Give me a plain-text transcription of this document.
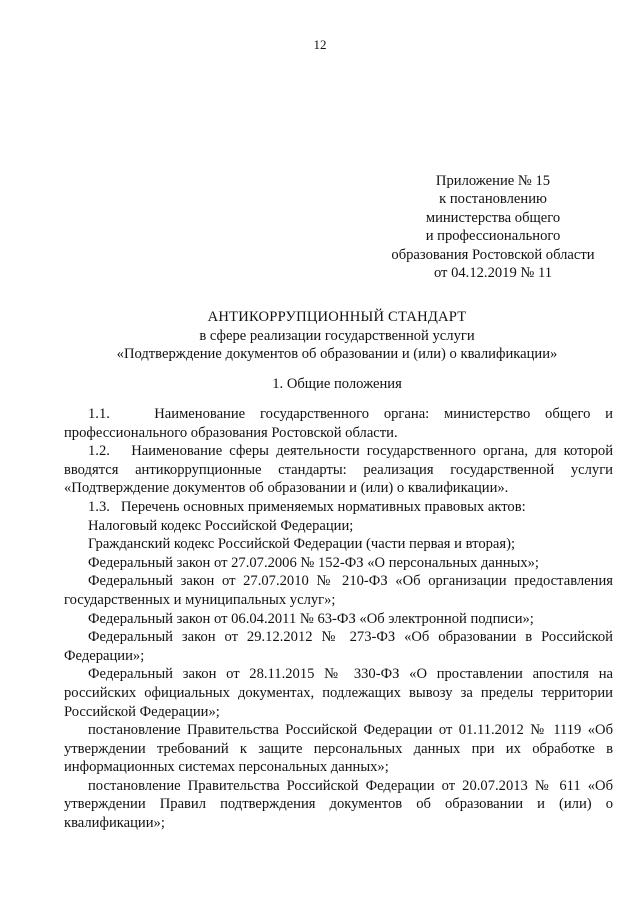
12
Приложение № 15
к постановлению
министерства общего
и профессионального
образования Ростовской области
от 04.12.2019 № 11
АНТИКОРРУПЦИОННЫЙ СТАНДАРТ
в сфере реализации государственной услуги
«Подтверждение документов об образовании и (или) о квалификации»
1. Общие положения

1.1.   Наименование государственного органа: министерство общего и профессионального образования Ростовской области.

1.2.   Наименование сферы деятельности государственного органа, для которой вводятся антикоррупционные стандарты: реализация государственной услуги «Подтверждение документов об образовании и (или) о квалификации».

1.3.   Перечень основных применяемых нормативных правовых актов:

Налоговый кодекс Российской Федерации;

Гражданский кодекс Российской Федерации (части первая и вторая);

Федеральный закон от 27.07.2006 № 152-ФЗ «О персональных данных»;

Федеральный закон от 27.07.2010 № 210-ФЗ «Об организации предоставления государственных и муниципальных услуг»;

Федеральный закон от 06.04.2011 № 63-ФЗ «Об электронной подписи»;

Федеральный закон от 29.12.2012 № 273-ФЗ «Об образовании в Российской Федерации»;

Федеральный закон от 28.11.2015 № 330-ФЗ «О проставлении апостиля на российских официальных документах, подлежащих вывозу за пределы территории Российской Федерации»;

постановление Правительства Российской Федерации от 01.11.2012 № 1119 «Об утверждении требований к защите персональных данных при их обработке в информационных системах персональных данных»;

постановление Правительства Российской Федерации от 20.07.2013 № 611 «Об утверждении Правил подтверждения документов об образовании и (или) о квалификации»;
